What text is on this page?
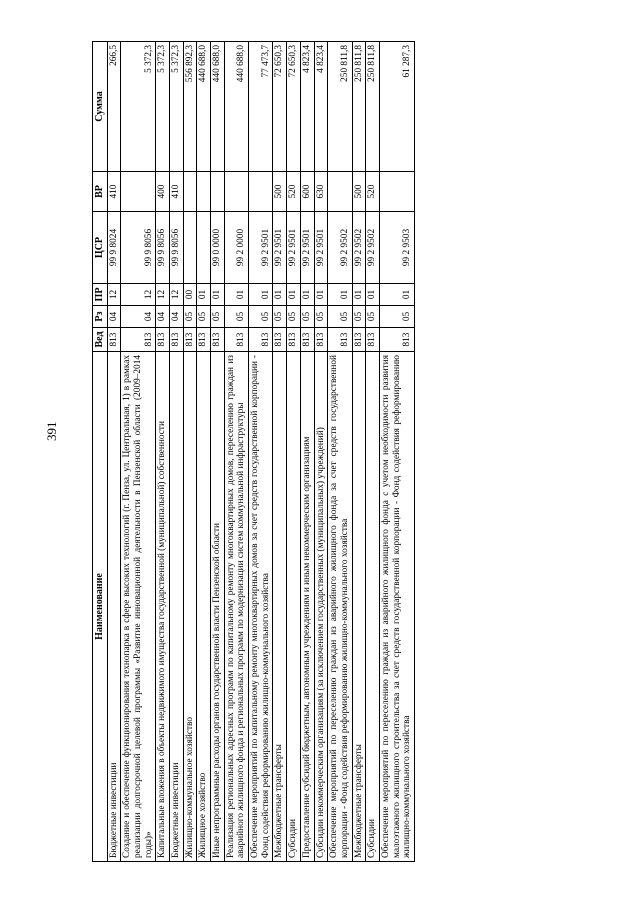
391
Наименование	Вед	Рз	ПР	ЦСР	ВР	Сумма
Бюджетные инвестиции	813	04	12	99 9 8024	410	266,5
Создание и обеспечение функционирования технопарка в сфере высоких технологий (г. Пенза, ул. Центральная, 1) в рамках реализации долгосрочной целевой программы «Развитие инновационной деятельности в Пензенской области (2009–2014 годы)»	813	04	12	99 9 8056		5 372,3
Капитальные вложения в объекты недвижимого имущества государственной (муниципальной) собственности	813	04	12	99 9 8056	400	5 372,3
Бюджетные инвестиции	813	04	12	99 9 8056	410	5 372,3
Жилищно-коммунальное хозяйство	813	05	00			556 892,3
Жилищное хозяйство	813	05	01			440 688,0
Иные непрограммные расходы органов государственной власти Пензенской области	813	05	01	99 0 0000		440 688,0
Реализация региональных адресных программ по капитальному ремонту многоквартирных домов, переселению граждан из аварийного жилищного фонда и региональных программ по модернизации систем коммунальной инфраструктуры	813	05	01	99 2 0000		440 688,0
Обеспечение мероприятий по капитальному ремонту многоквартирных домов за счет средств государственной корпорации - Фонд содействия реформированию жилищно-коммунального хозяйства	813	05	01	99 2 9501		77 473,7
Межбюджетные трансферты	813	05	01	99 2 9501	500	72 650,3
Субсидии	813	05	01	99 2 9501	520	72 650,3
Предоставление субсидий бюджетным, автономным учреждениям и иным некоммерческим организациям	813	05	01	99 2 9501	600	4 823,4
Субсидии некоммерческим организациям (за исключением государственных (муниципальных) учреждений)	813	05	01	99 2 9501	630	4 823,4
Обеспечение мероприятий по переселению граждан из аварийного жилищного фонда за счет средств государственной корпорации - Фонд содействия реформированию жилищно-коммунального хозяйства	813	05	01	99 2 9502		250 811,8
Межбюджетные трансферты	813	05	01	99 2 9502	500	250 811,8
Субсидии	813	05	01	99 2 9502	520	250 811,8
Обеспечение мероприятий по переселению граждан из аварийного жилищного фонда с учетом необходимости развития малоэтажного жилищного строительства за счет средств государственной корпорации - Фонд содействия реформированию жилищно-коммунального хозяйства	813	05	01	99 2 9503		61 287,3
